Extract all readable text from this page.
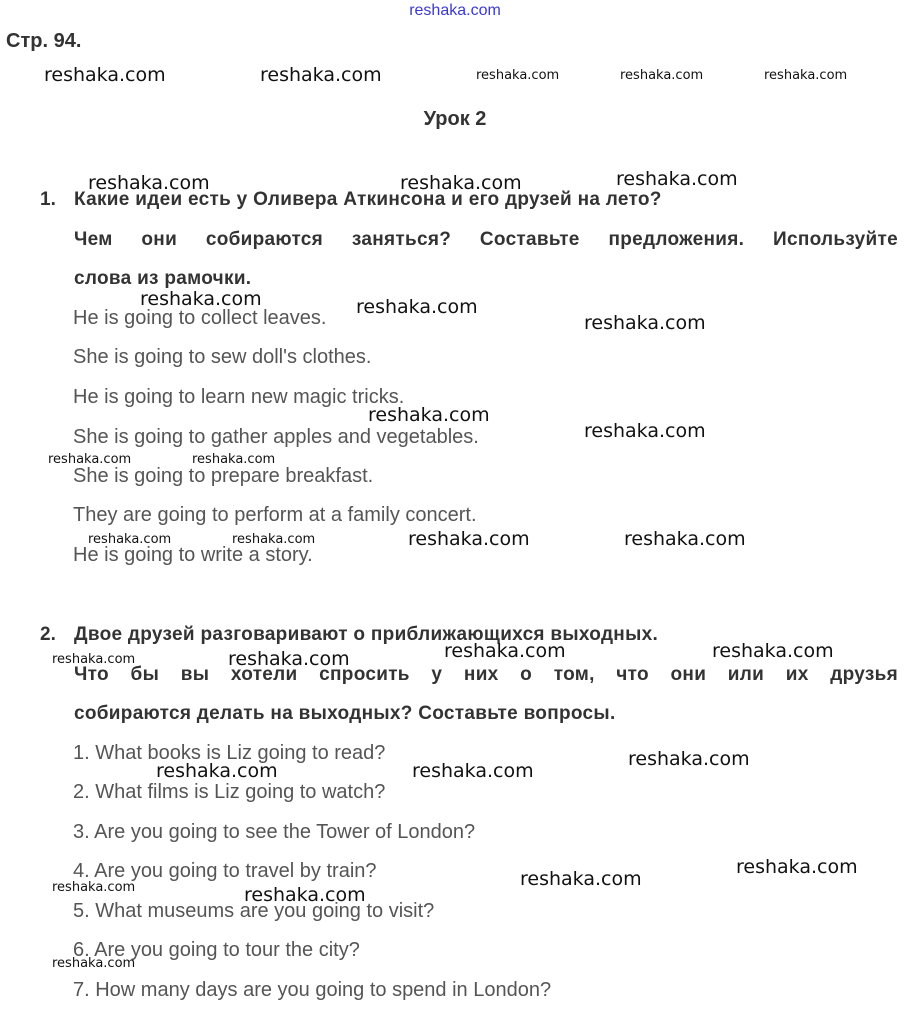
reshaka.com
Стр. 94.
Урок 2
1. Какие идеи есть у Оливера Аткинсона и его друзей на лето?
Чем они собираются заняться? Составьте предложения. Используйте
слова из рамочки.
He is going to collect leaves.
She is going to sew doll's clothes.
He is going to learn new magic tricks.
She is going to gather apples and vegetables.
She is going to prepare breakfast.
They are going to perform at a family concert.
He is going to write a story.
2. Двое друзей разговаривают о приближающихся выходных.
Что бы вы хотели спросить у них о том, что они или их друзья
собираются делать на выходных? Составьте вопросы.
1. What books is Liz going to read?
2. What films is Liz going to watch?
3. Are you going to see the Tower of London?
4. Are you going to travel by train?
5. What museums are you going to visit?
6. Are you going to tour the city?
7. How many days are you going to spend in London?
reshaka.com	reshaka.com	reshaka.com	reshaka.com	reshaka.com
reshaka.com	reshaka.com	reshaka.com
reshaka.com	reshaka.com
reshaka.com
reshaka.com
reshaka.com
reshaka.com	reshaka.com
reshaka.com	reshaka.com	reshaka.com	reshaka.com
reshaka.com	reshaka.com	reshaka.com	reshaka.com
reshaka.com
reshaka.com	reshaka.com
reshaka.com
reshaka.com
reshaka.com	reshaka.com
reshaka.com
